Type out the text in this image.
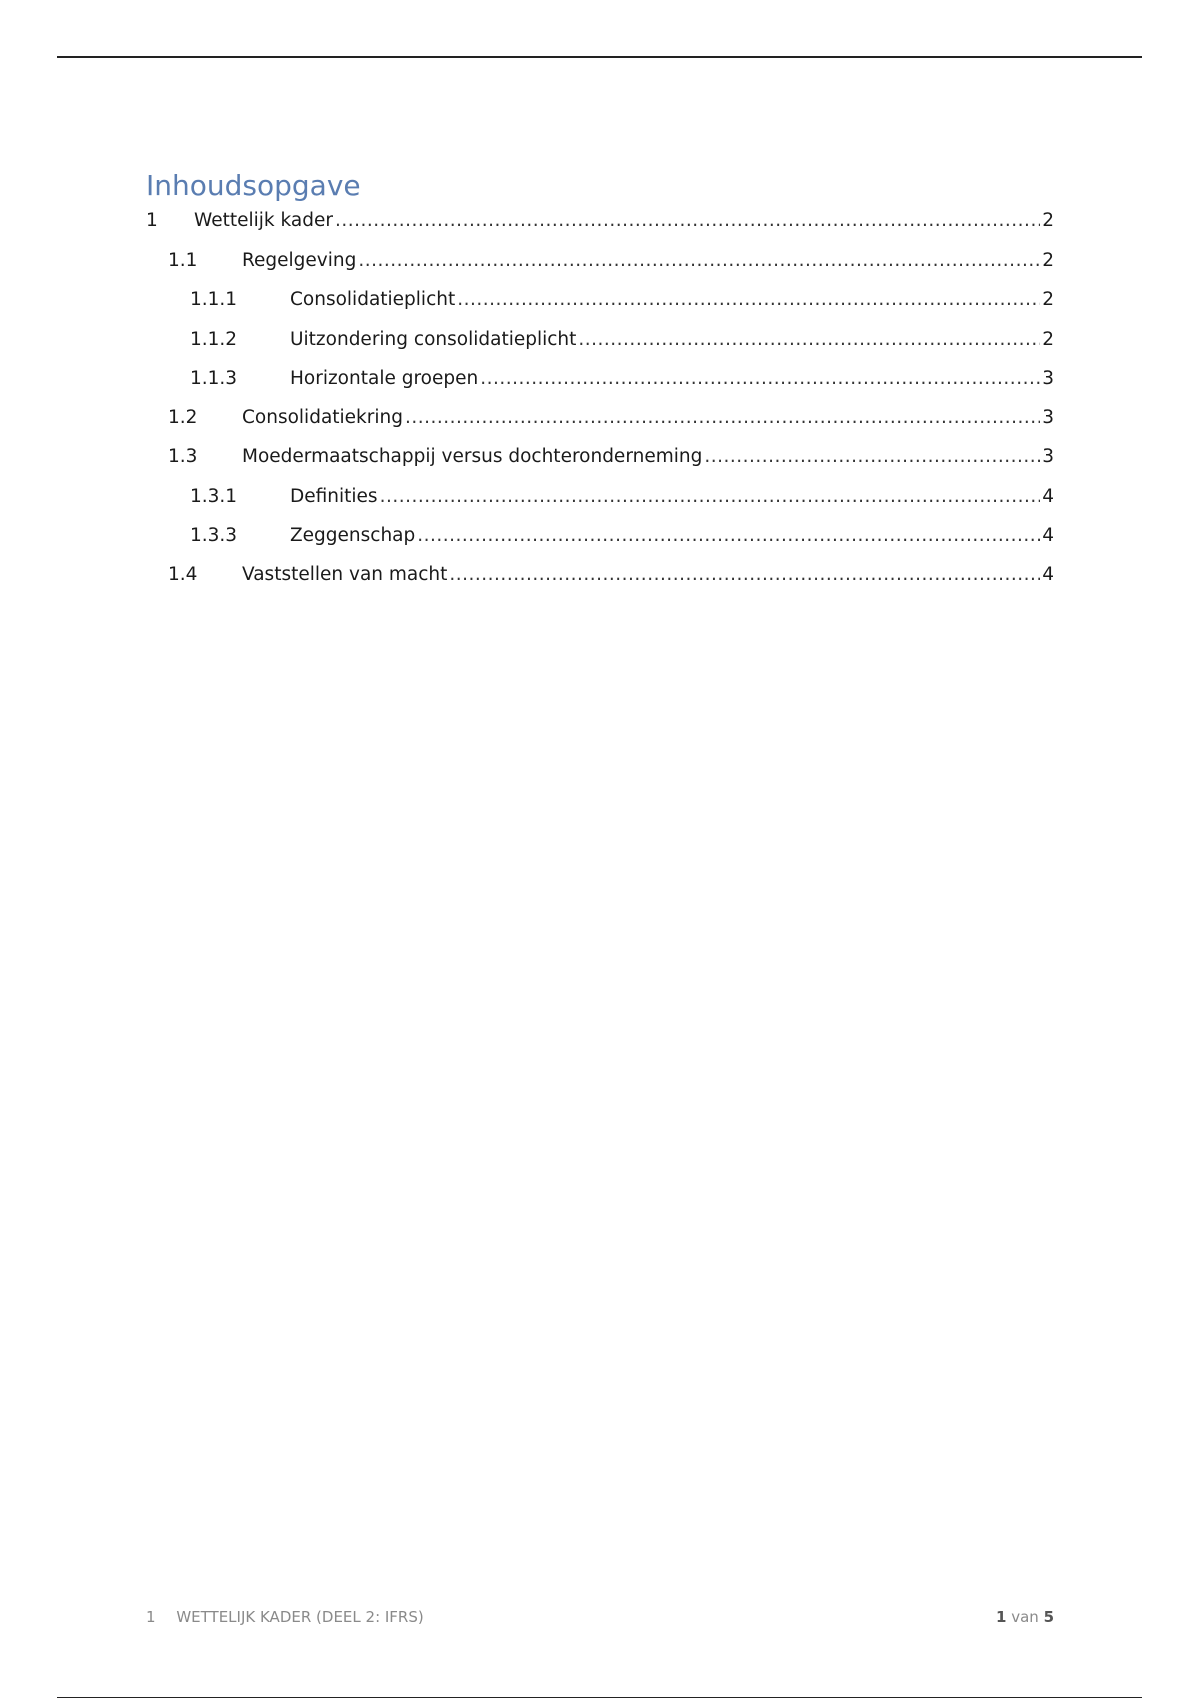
Inhoudsopgave
1	Wettelijk kader .....	2
1.1	Regelgeving .....	2
1.1.1	Consolidatieplicht .....	2
1.1.2	Uitzondering consolidatieplicht .....	2
1.1.3	Horizontale groepen .....	3
1.2	Consolidatiekring .....	3
1.3	Moedermaatschappij versus dochteronderneming .....	3
1.3.1	Definities .....	4
1.3.3	Zeggenschap .....	4
1.4	Vaststellen van macht .....	4
1 WETTELIJK KADER (DEEL 2: IFRS)	1 van 5
